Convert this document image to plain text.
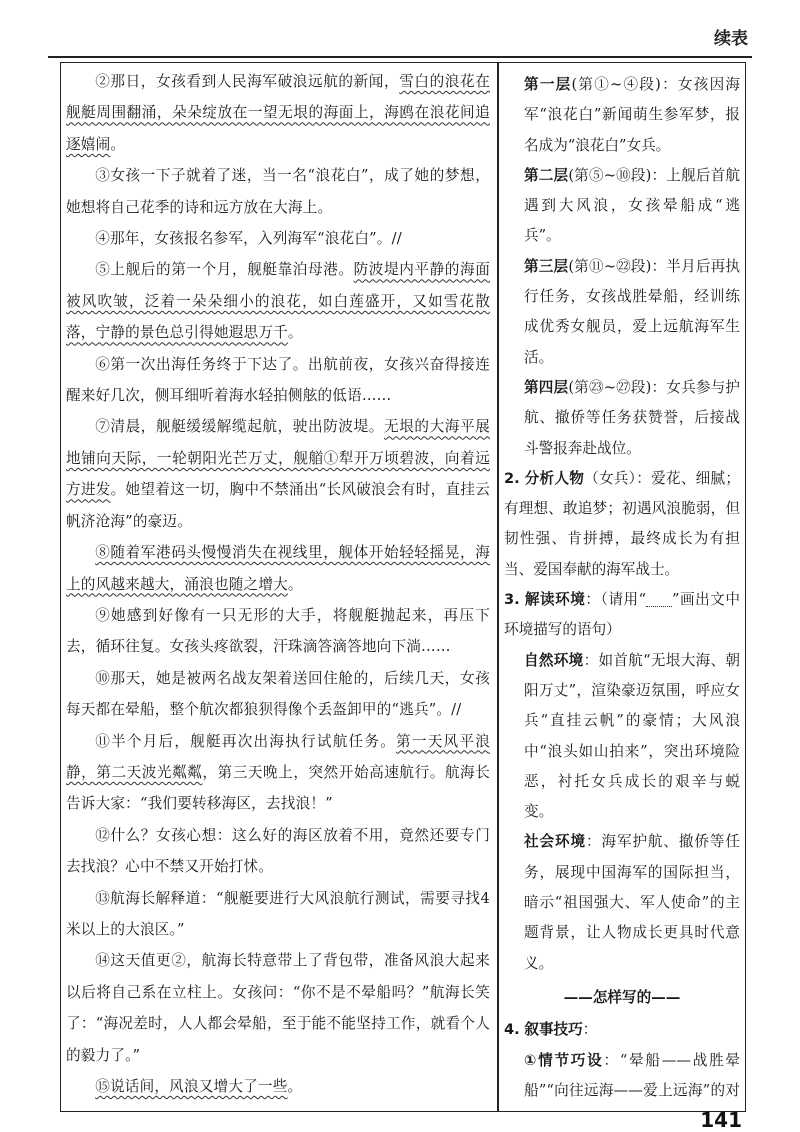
续表

②那日，女孩看到人民海军破浪远航的新闻，雪白的浪花在舰艇周围翻涌，朵朵绽放在一望无垠的海面上，海鸥在浪花间追逐嬉闹。

③女孩一下子就着了迷，当一名“浪花白”，成了她的梦想，她想将自己花季的诗和远方放在大海上。

④那年，女孩报名参军，入列海军“浪花白”。//

⑤上舰后的第一个月，舰艇靠泊母港。防波堤内平静的海面被风吹皱，泛着一朵朵细小的浪花，如白莲盛开，又如雪花散落，宁静的景色总引得她遐思万千。

⑥第一次出海任务终于下达了。出航前夜，女孩兴奋得接连醒来好几次，侧耳细听着海水轻拍侧舷的低语……

⑦清晨，舰艇缓缓解缆起航，驶出防波堤。无垠的大海平展地铺向天际，一轮朝阳光芒万丈，舰艏①犁开万顷碧波，向着远方进发。她望着这一切，胸中不禁涌出“长风破浪会有时，直挂云帆济沧海”的豪迈。

⑧随着军港码头慢慢消失在视线里，舰体开始轻轻摇晃，海上的风越来越大，涌浪也随之增大。

⑨她感到好像有一只无形的大手，将舰艇抛起来，再压下去，循环往复。女孩头疼欲裂，汗珠滴答滴答地向下淌……

⑩那天，她是被两名战友架着送回住舱的，后续几天，女孩每天都在晕船，整个航次都狼狈得像个丢盔卸甲的“逃兵”。//

⑪半个月后，舰艇再次出海执行试航任务。第一天风平浪静，第二天波光粼粼，第三天晚上，突然开始高速航行。航海长告诉大家：“我们要转移海区，去找浪！”

⑫什么？女孩心想：这么好的海区放着不用，竟然还要专门去找浪？心中不禁又开始打怵。

⑬航海长解释道：“舰艇要进行大风浪航行测试，需要寻找4米以上的大浪区。”

⑭这天值更②，航海长特意带上了背包带，准备风浪大起来以后将自己系在立柱上。女孩问：“你不是不晕船吗？”航海长笑了：“海况差时，人人都会晕船，至于能不能坚持工作，就看个人的毅力了。”

⑮说话间，风浪又增大了一些。

第一层(第①~④段)：女孩因海军“浪花白”新闻萌生参军梦，报名成为“浪花白”女兵。

第二层(第⑤~⑩段)：上舰后首航遇到大风浪，女孩晕船成“逃兵”。

第三层(第⑪~㉒段)：半月后再执行任务，女孩战胜晕船，经训练成优秀女舰员，爱上远航海军生活。

第四层(第㉓~㉗段)：女兵参与护航、撤侨等任务获赞誉，后接战斗警报奔赴战位。

2. 分析人物（女兵）：爱花、细腻；有理想、敢追梦；初遇风浪脆弱，但韧性强、肯拼搏，最终成长为有担当、爱国奉献的海军战士。

3. 解读环境：（请用“ ”画出文中环境描写的语句）

自然环境：如首航“无垠大海、朝阳万丈”，渲染豪迈氛围，呼应女兵“直挂云帆”的豪情；大风浪中“浪头如山拍来”，突出环境险恶，衬托女兵成长的艰辛与蜕变。

社会环境：海军护航、撤侨等任务，展现中国海军的国际担当，暗示“祖国强大、军人使命”的主题背景，让人物成长更具时代意义。

——怎样写的——

4. 叙事技巧：

①情节巧设：“晕船——战胜晕船”“向往远海——爱上远海”的对

141
